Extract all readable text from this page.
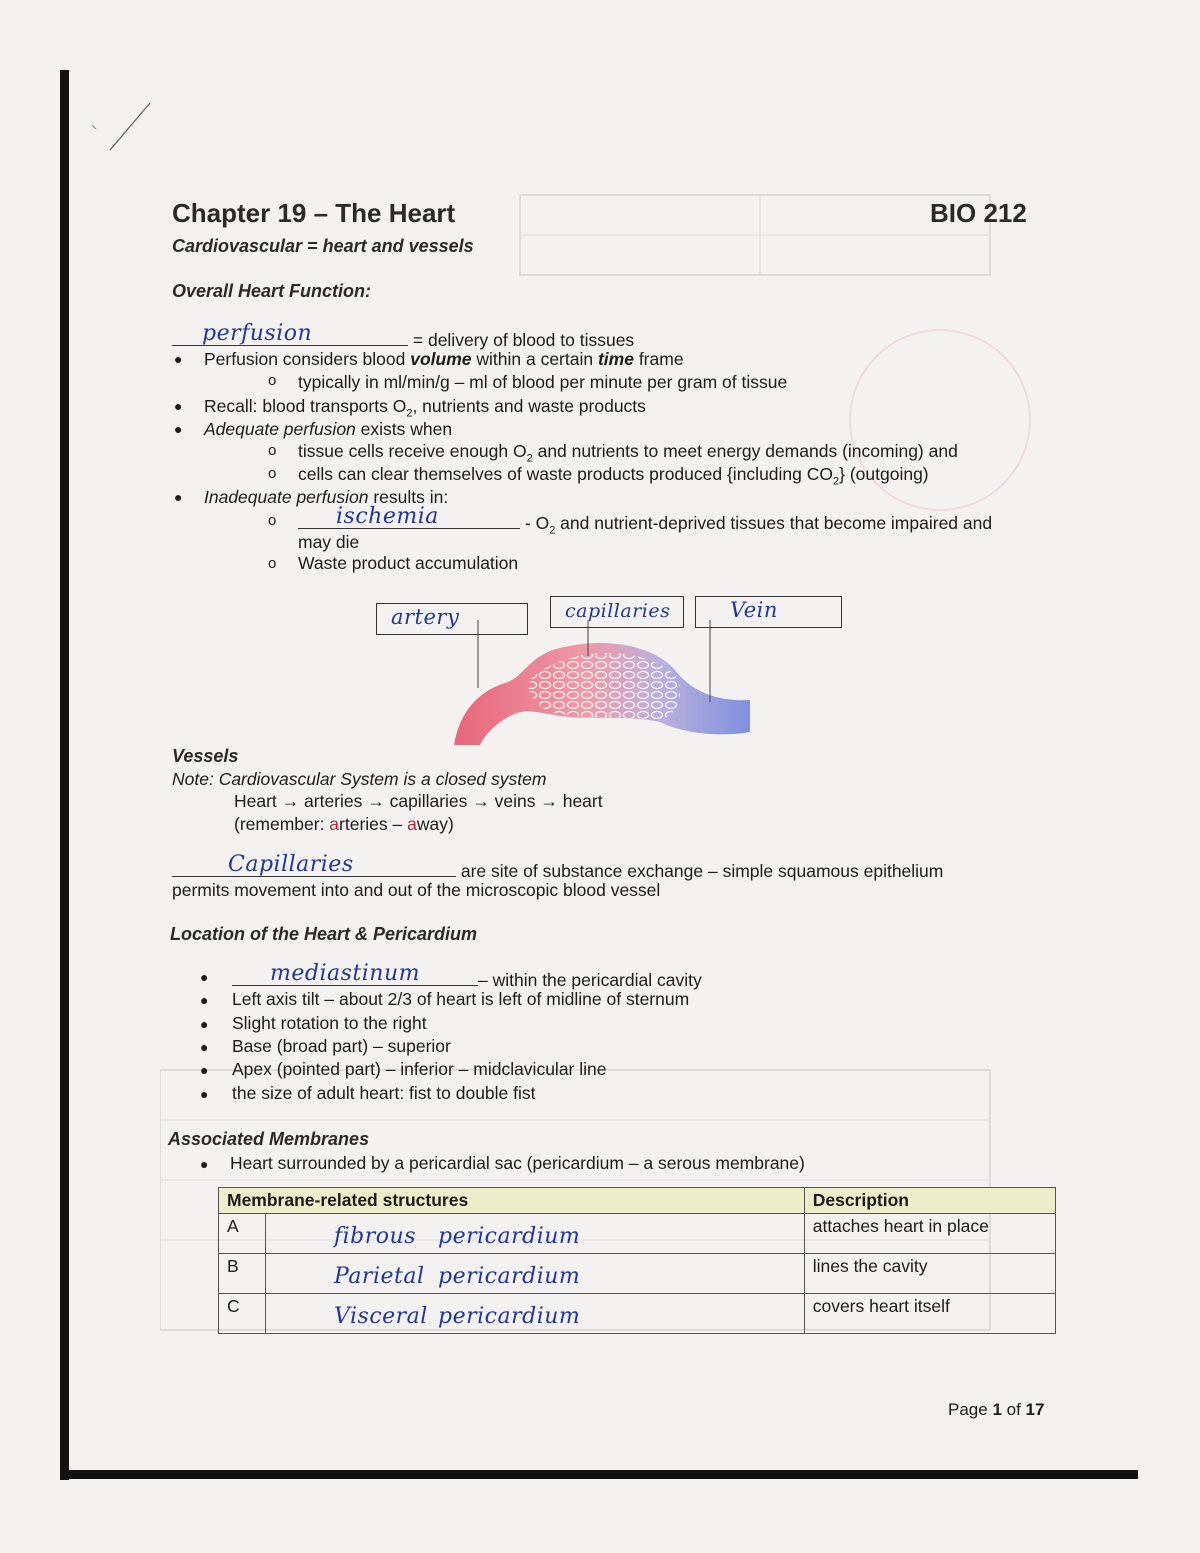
Chapter 19 – The Heart	BIO 212
Cardiovascular = heart and vessels
Overall Heart Function:
perfusion	= delivery of blood to tissues
● Perfusion considers blood volume within a certain time frame
o typically in ml/min/g – ml of blood per minute per gram of tissue
● Recall: blood transports $O_2$, nutrients and waste products
● Adequate perfusion exists when
o tissue cells receive enough $O_2$ and nutrients to meet energy demands (incoming) and
o cells can clear themselves of waste products produced {including $CO_2$} (outgoing)
● Inadequate perfusion results in:
o	ischemia	- $O_2$ and nutrient-deprived tissues that become impaired and
may die
o Waste product accumulation
artery	capillaries	Vein
Vessels
Note: Cardiovascular System is a closed system
Heart → arteries → capillaries → veins → heart
(remember: arteries – away)
Capillaries	are site of substance exchange – simple squamous epithelium
permits movement into and out of the microscopic blood vessel
Location of the Heart & Pericardium
●	mediastinum	– within the pericardial cavity
● Left axis tilt – about 2/3 of heart is left of midline of sternum
● Slight rotation to the right
● Base (broad part) – superior
● Apex (pointed part) – inferior – midclavicular line
● the size of adult heart: fist to double fist
Associated Membranes
● Heart surrounded by a pericardial sac (pericardium – a serous membrane)
Membrane-related structures		Description
A	fibrous pericardium	attaches heart in place
B	Parietal pericardium	lines the cavity
C	Visceral pericardium	covers heart itself
Page 1 of 17
